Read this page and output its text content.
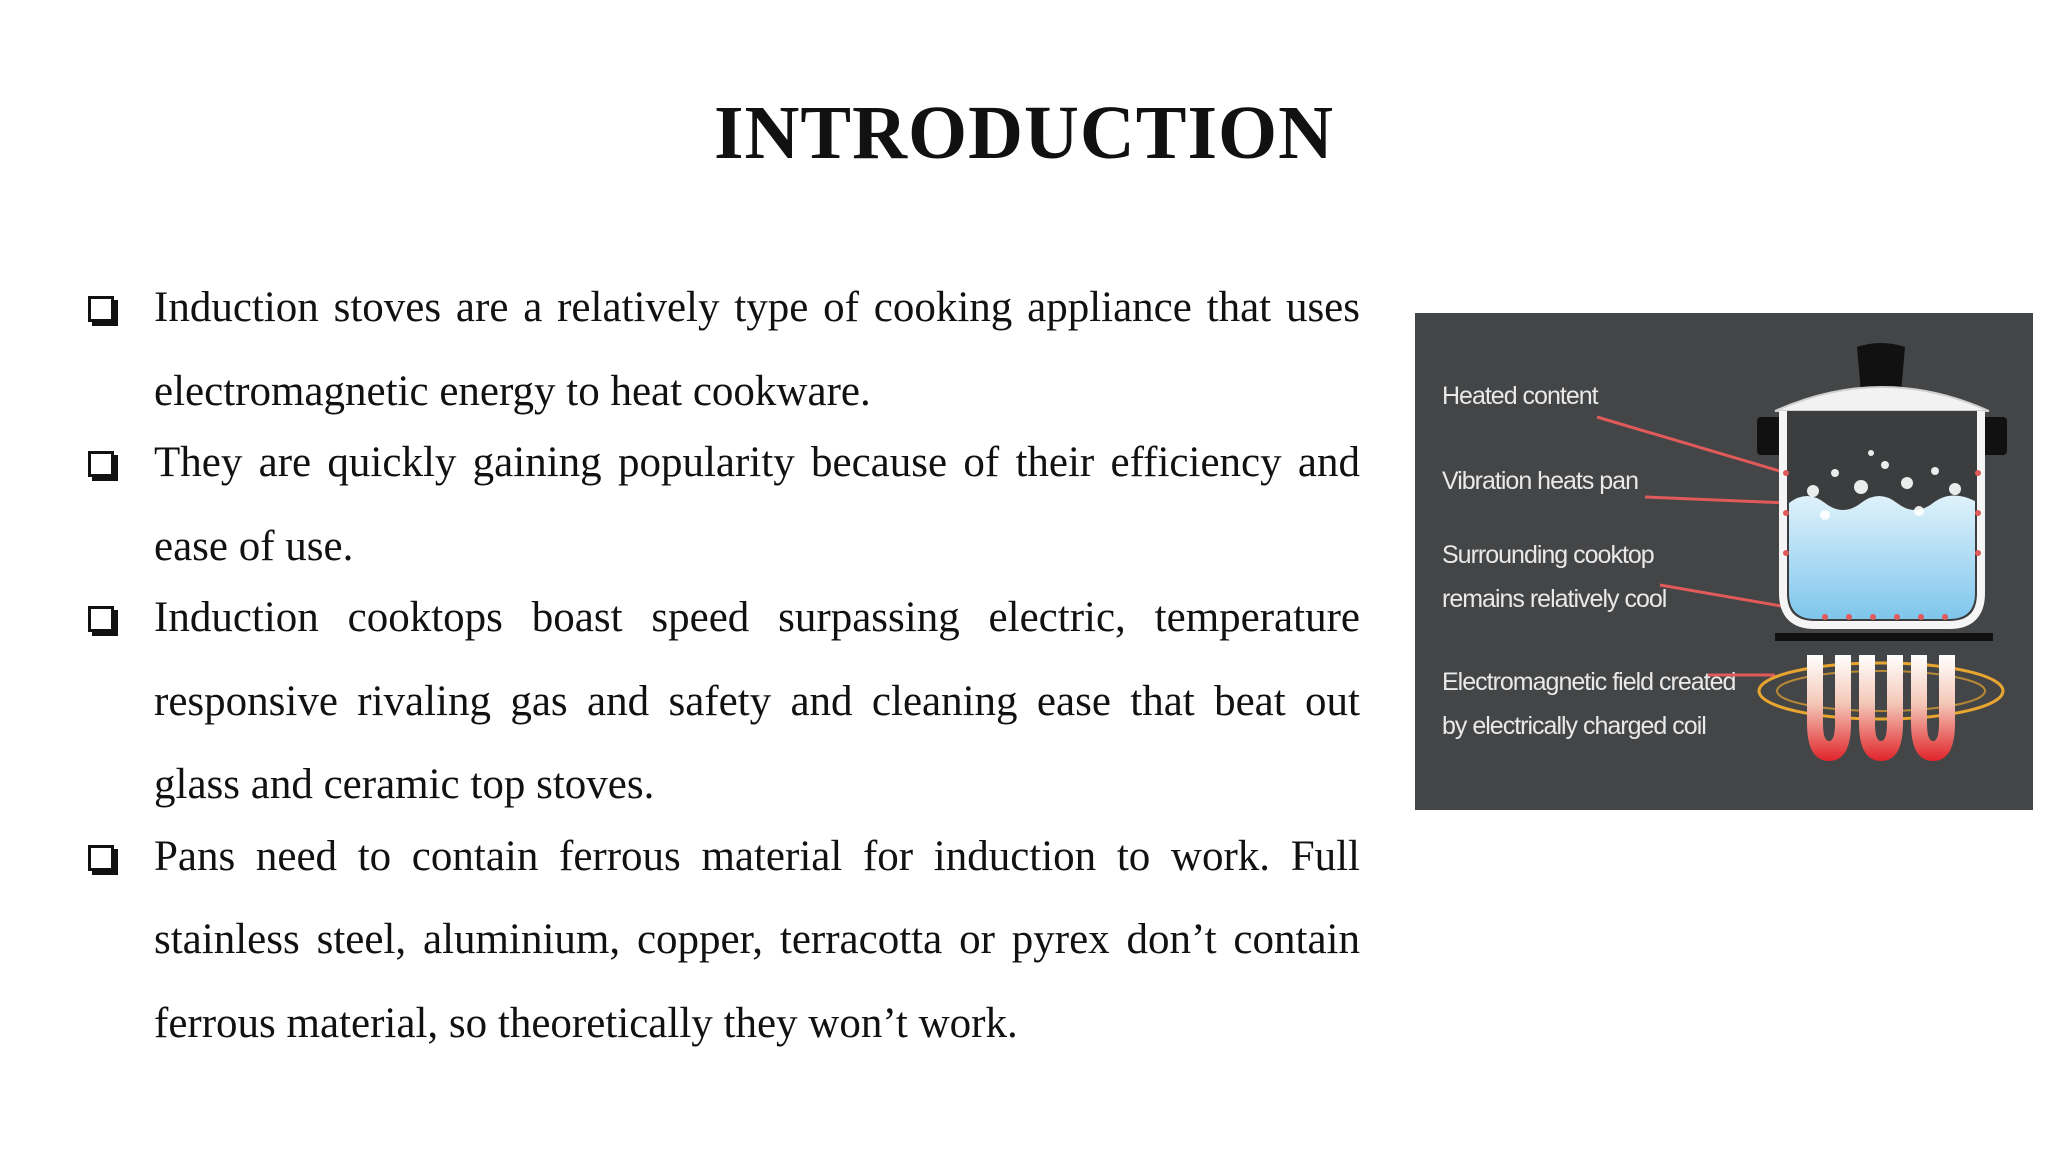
INTRODUCTION
Induction stoves are a relatively type of cooking appliance that uses electromagnetic energy to heat cookware.
They are quickly gaining popularity because of their efficiency and ease of use.
Induction cooktops boast speed surpassing electric, temperature responsive rivaling gas and safety and cleaning ease that beat out glass and ceramic top stoves.
Pans need to contain ferrous material for induction to work. Full stainless steel, aluminium, copper, terracotta or pyrex don’t contain ferrous material, so theoretically they won’t work.
Heated content
Vibration heats pan
Surrounding cooktop
remains relatively cool
Electromagnetic field created
by electrically charged coil
